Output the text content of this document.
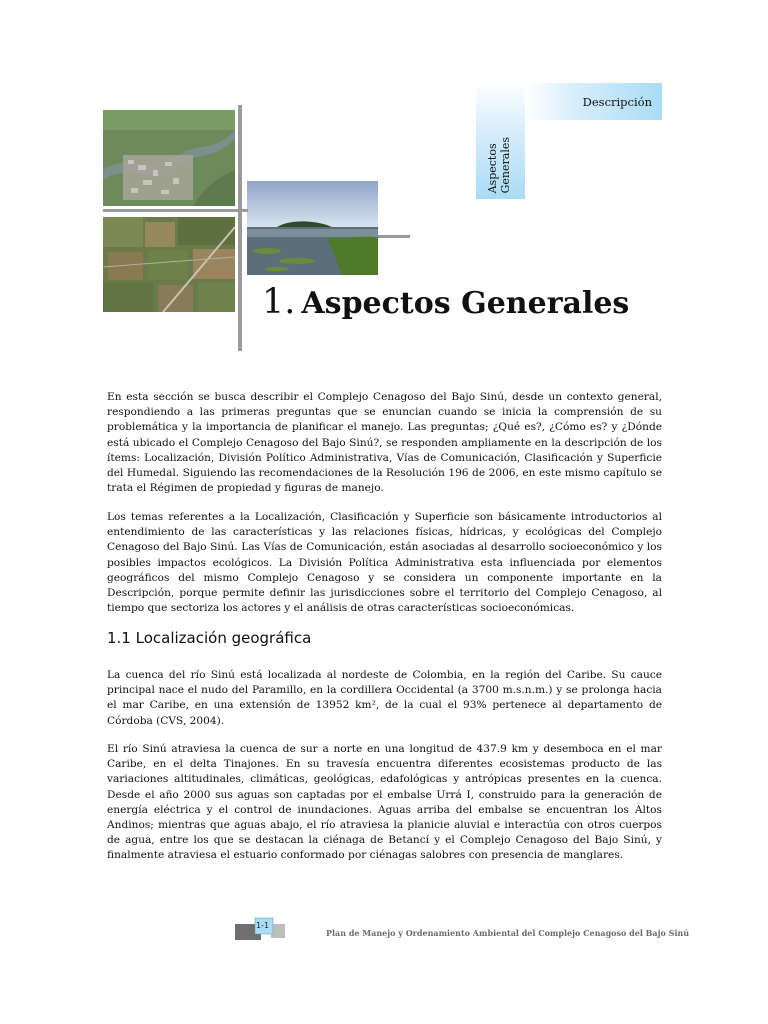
Descripción
Aspectos
Generales
1. Aspectos Generales

En esta sección se busca describir el Complejo Cenagoso del Bajo Sinú, desde un contexto general, respondiendo a las primeras preguntas que se enuncian cuando se inicia la comprensión de su problemática y la importancia de planificar el manejo. Las preguntas; ¿Qué es?, ¿Cómo es? y ¿Dónde está ubicado el Complejo Cenagoso del Bajo Sinú?, se responden ampliamente en la descripción de los ítems: Localización, División Político Administrativa, Vías de Comunicación, Clasificación y Superficie del Humedal. Siguiendo las recomendaciones de la Resolución 196 de 2006, en este mismo capítulo se trata el Régimen de propiedad y figuras de manejo.

Los temas referentes a la Localización, Clasificación y Superficie son básicamente introductorios al entendimiento de las características y las relaciones físicas, hídricas, y ecológicas del Complejo Cenagoso del Bajo Sinú. Las Vías de Comunicación, están asociadas al desarrollo socioeconómico y los posibles impactos ecológicos. La División Política Administrativa esta influenciada por elementos geográficos del mismo Complejo Cenagoso y se considera un componente importante en la Descripción, porque permite definir las jurisdicciones sobre el territorio del Complejo Cenagoso, al tiempo que sectoriza los actores y el análisis de otras características socioeconómicas.

1.1 Localización geográfica

La cuenca del río Sinú está localizada al nordeste de Colombia, en la región del Caribe. Su cauce principal nace el nudo del Paramillo, en la cordillera Occidental (a 3700 m.s.n.m.) y se prolonga hacia el mar Caribe, en una extensión de 13952 km², de la cual el 93% pertenece al departamento de Córdoba (CVS, 2004).

El río Sinú atraviesa la cuenca de sur a norte en una longitud de 437.9 km y desemboca en el mar Caribe, en el delta Tinajones. En su travesía encuentra diferentes ecosistemas producto de las variaciones altitudinales, climáticas, geológicas, edafológicas y antrópicas presentes en la cuenca. Desde el año 2000 sus aguas son captadas por el embalse Urrá I, construido para la generación de energía eléctrica y el control de inundaciones. Aguas arriba del embalse se encuentran los Altos Andinos; mientras que aguas abajo, el río atraviesa la planicie aluvial e interactúa con otros cuerpos de agua, entre los que se destacan la ciénaga de Betancí y el Complejo Cenagoso del Bajo Sinú, y finalmente atraviesa el estuario conformado por ciénagas salobres con presencia de manglares.

1-1
Plan de Manejo y Ordenamiento Ambiental del Complejo Cenagoso del Bajo Sinú
